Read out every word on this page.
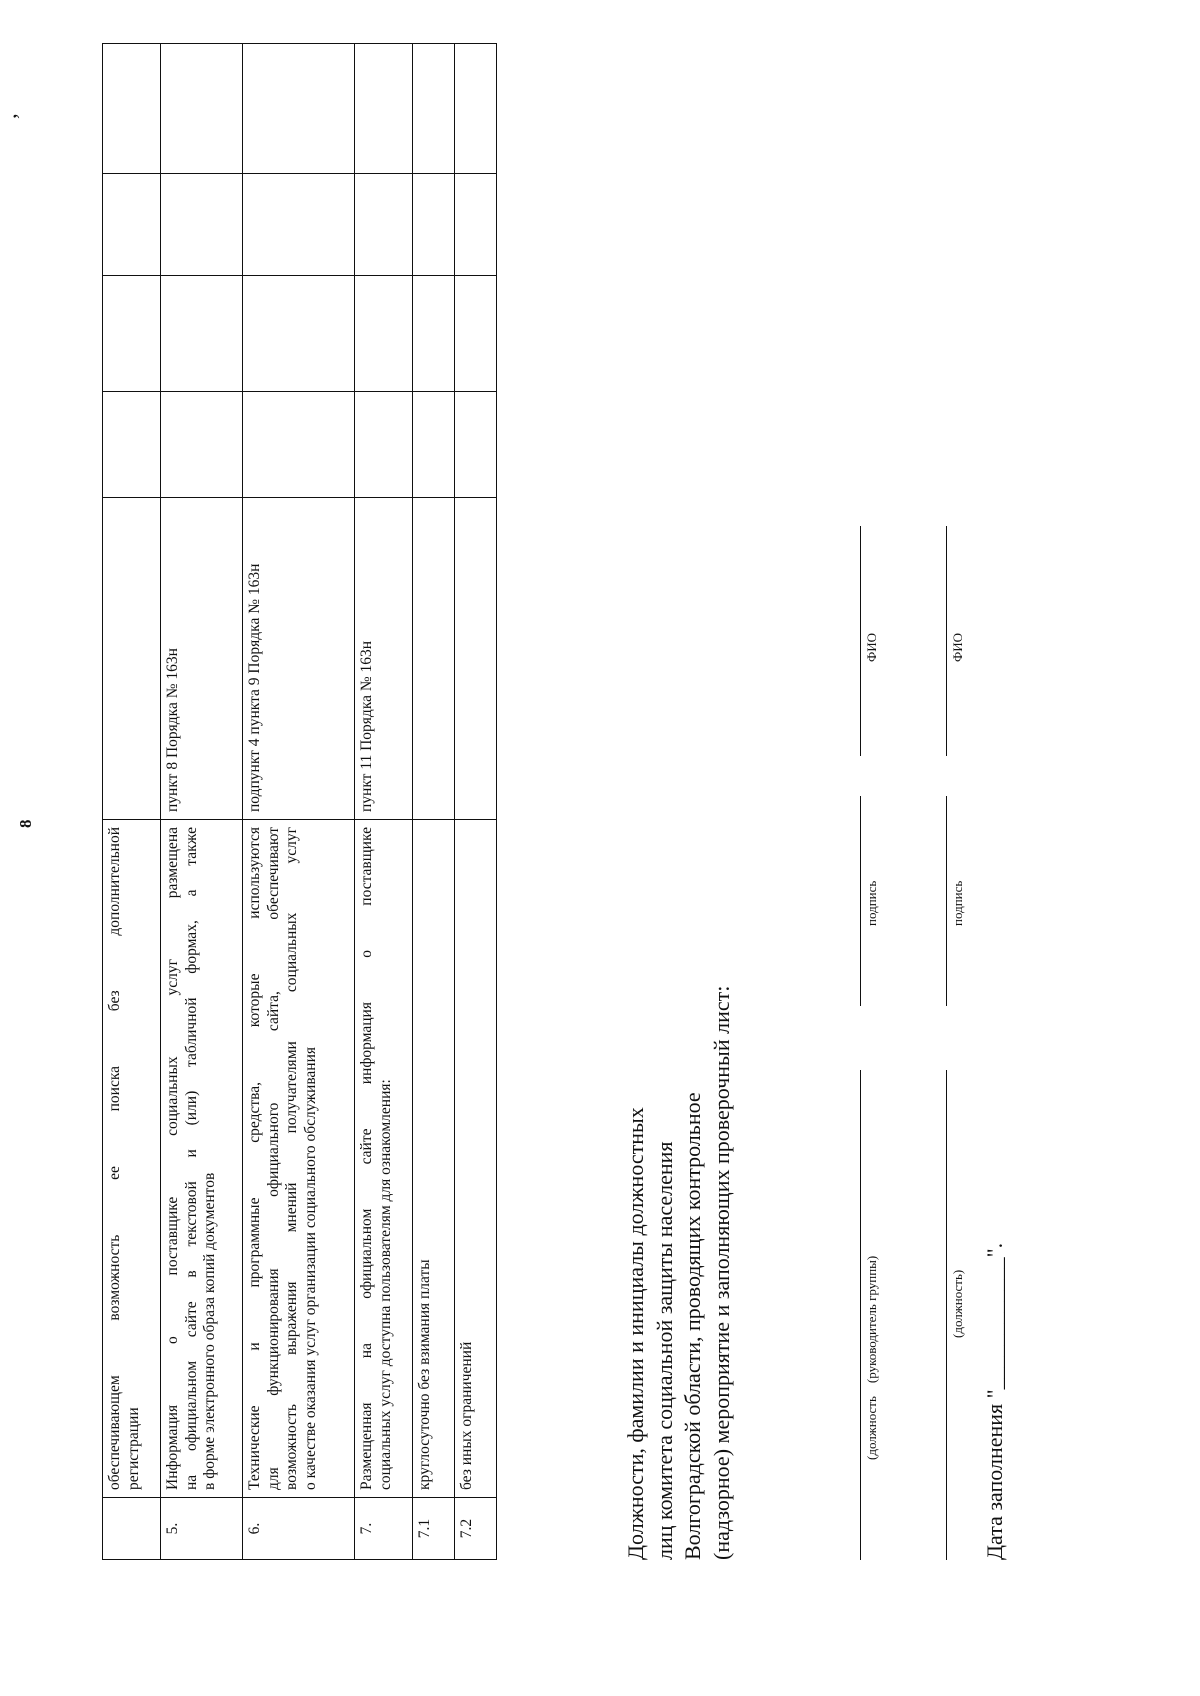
’
8

	обеспечивающем возможность ее поиска без дополнительной регистрации					

5.	Информация о поставщике социальных услуг размещена на официальном сайте в текстовой и (или) табличной формах, а также в форме электронного образа копий документов	пункт 8 Порядка № 163н				
6.	Технические и программные средства, которые используются для функционирования официального сайта, обеспечивают возможность выражения мнений получателями социальных услуг о качестве оказания услуг организации социального обслуживания	подпункт 4 пункта 9 Порядка № 163н				
7.	Размещенная на официальном сайте информация о поставщике социальных услуг доступна пользователям для ознакомления:	пункт 11 Порядка № 163н				
7.1	круглосуточно без взимания платы					

7.2	без иных ограничений					
						Должности, фамилии и инициалы должностных лиц комитета социальной защиты населения Волгоградской области, проводящих контрольное (надзорное) мероприятие и заполняющих проверочный лист:	(должность    (руководитель группы)
подпись
ФИО
(должность)
подпись
ФИО
Дата заполнения "____________".
